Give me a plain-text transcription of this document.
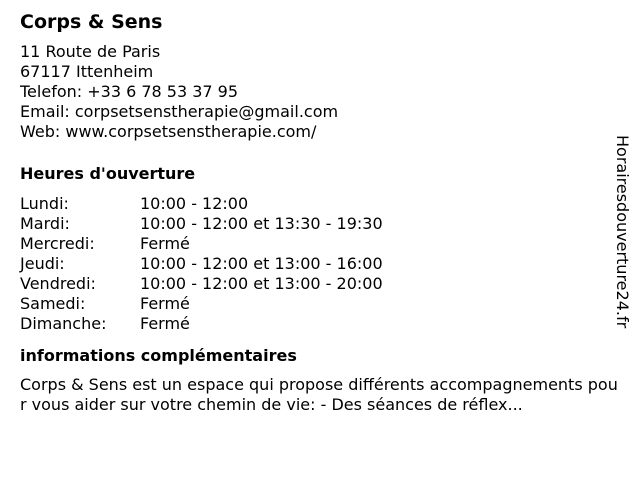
Corps & Sens
11 Route de Paris
67117 Ittenheim
Telefon: +33 6 78 53 37 95
Email: corpsetsenstherapie@gmail.com
Web: www.corpsetsenstherapie.com/
Heures d'ouverture
Lundi:	10:00 - 12:00
Mardi:	10:00 - 12:00 et 13:30 - 19:30
Mercredi:	Fermé
Jeudi:	10:00 - 12:00 et 13:00 - 16:00
Vendredi:	10:00 - 12:00 et 13:00 - 20:00
Samedi:	Fermé
Dimanche:	Fermé
informations complémentaires
Corps & Sens est un espace qui propose différents accompagnements pour vous aider sur votre chemin de vie: - Des séances de réflex...
Horairesdouverture24.fr
